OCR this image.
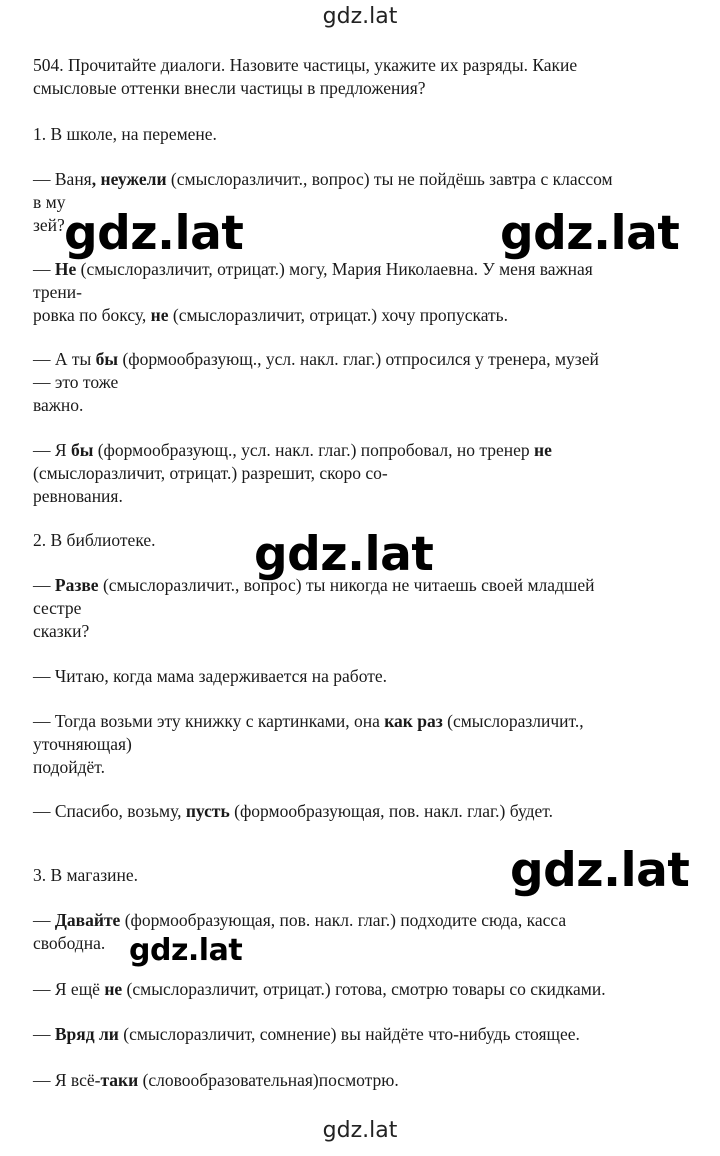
gdz.lat
504. Прочитайте диалоги. Назовите частицы, укажите их разряды. Какие
смысловые оттенки внесли частицы в предложения?
1. В школе, на перемене.
— Ваня, неужели (смыслоразличит., вопрос) ты не пойдёшь завтра с классом
в му
зей?
— Не (смыслоразличит, отрицат.) могу, Мария Николаевна. У меня важная
трени-
ровка по боксу, не (смыслоразличит, отрицат.) хочу пропускать.
— А ты бы (формообразующ., усл. накл. глаг.) отпросился у тренера, музей
— это тоже
важно.
— Я бы (формообразующ., усл. накл. глаг.) попробовал, но тренер не
(смыслоразличит, отрицат.) разрешит, скоро со-
ревнования.
2. В библиотеке.
— Разве (смыслоразличит., вопрос) ты никогда не читаешь своей младшей
сестре
сказки?
— Читаю, когда мама задерживается на работе.
— Тогда возьми эту книжку с картинками, она как раз (смыслоразличит.,
уточняющая)
подойдёт.
— Спасибо, возьму, пусть (формообразующая, пов. накл. глаг.) будет.
3. В магазине.
— Давайте (формообразующая, пов. накл. глаг.) подходите сюда, касса
свободна.
— Я ещё не (смыслоразличит, отрицат.) готова, смотрю товары со скидками.
— Вряд ли (смыслоразличит, сомнение) вы найдёте что-нибудь стоящее.
— Я всё-таки (словообразовательная)посмотрю.
gdz.lat	gdz.lat
gdz.lat
gdz.lat
gdz.lat
gdz.lat
